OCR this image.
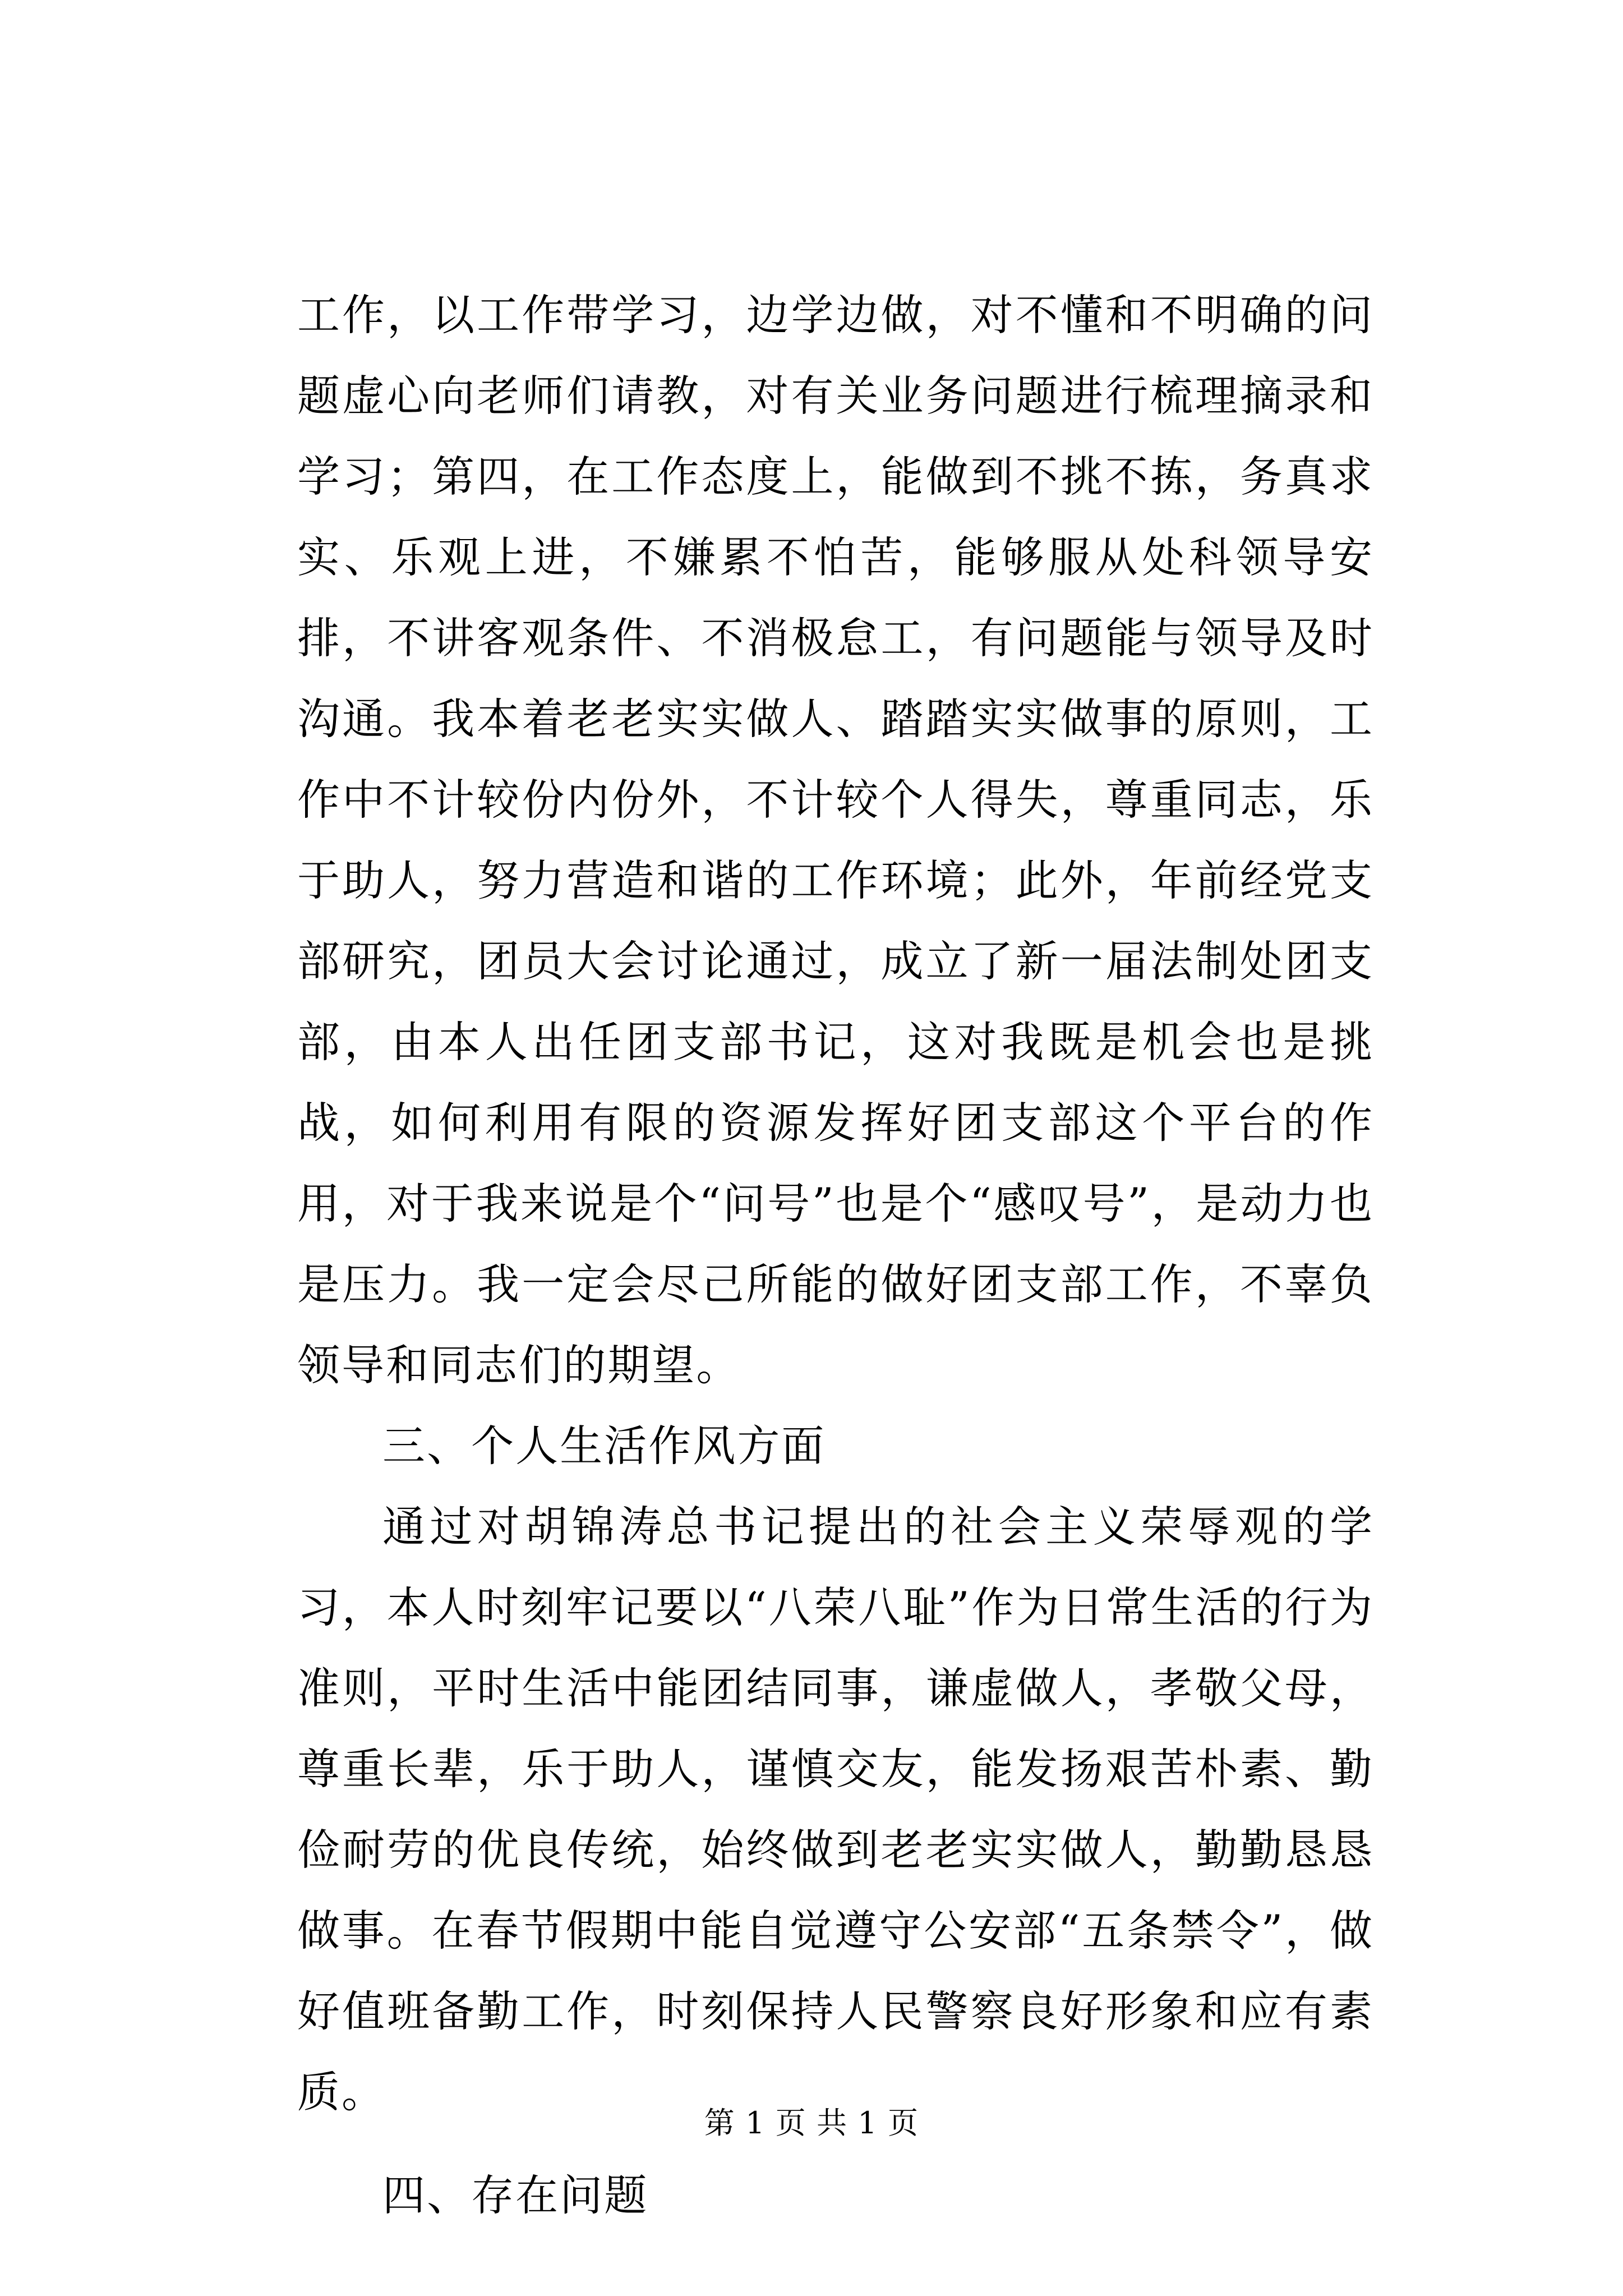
工作，以工作带学习，边学边做，对不懂和不明确的问题虚心向老师们请教，对有关业务问题进行梳理摘录和学习；第四，在工作态度上，能做到不挑不拣，务真求实、乐观上进，不嫌累不怕苦，能够服从处科领导安排，不讲客观条件、不消极怠工，有问题能与领导及时沟通。我本着老老实实做人、踏踏实实做事的原则，工作中不计较份内份外，不计较个人得失，尊重同志，乐于助人，努力营造和谐的工作环境；此外，年前经党支部研究，团员大会讨论通过，成立了新一届法制处团支部，由本人出任团支部书记，这对我既是机会也是挑战，如何利用有限的资源发挥好团支部这个平台的作用，对于我来说是个“问号”也是个“感叹号”，是动力也是压力。我一定会尽己所能的做好团支部工作，不辜负领导和同志们的期望。

三、个人生活作风方面

通过对胡锦涛总书记提出的社会主义荣辱观的学习，本人时刻牢记要以“八荣八耻”作为日常生活的行为准则，平时生活中能团结同事，谦虚做人，孝敬父母，尊重长辈，乐于助人，谨慎交友，能发扬艰苦朴素、勤俭耐劳的优良传统，始终做到老老实实做人，勤勤恳恳做事。在春节假期中能自觉遵守公安部“五条禁令”，做好值班备勤工作，时刻保持人民警察良好形象和应有素质。

四、存在问题

第 1 页 共 1 页
